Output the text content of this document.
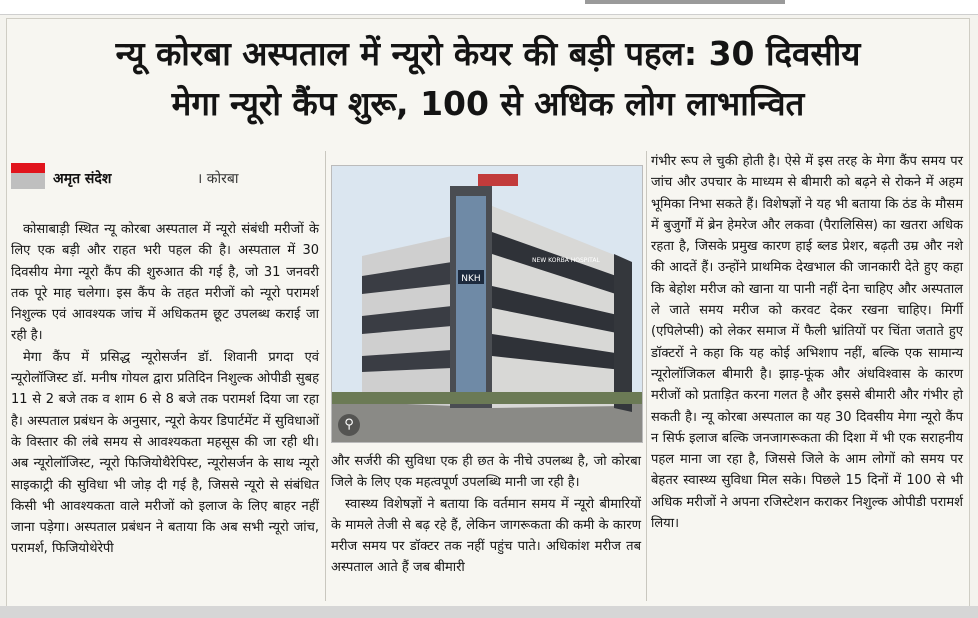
न्यू कोरबा अस्पताल में न्यूरो केयर की बड़ी पहल: 30 दिवसीय
मेगा न्यूरो कैंप शुरू, 100 से अधिक लोग लाभान्वित
अमृत संदेश	। कोरबा

कोसाबाड़ी स्थित न्यू कोरबा अस्पताल में न्यूरो संबंधी मरीजों के लिए एक बड़ी और राहत भरी पहल की है। अस्पताल में 30 दिवसीय मेगा न्यूरो कैंप की शुरुआत की गई है, जो 31 जनवरी तक पूरे माह चलेगा। इस कैंप के तहत मरीजों को न्यूरो परामर्श निशुल्क एवं आवश्यक जांच में अधिकतम छूट उपलब्ध कराई जा रही है।

मेगा कैंप में प्रसिद्ध न्यूरोसर्जन डॉ. शिवानी प्रगदा एवं न्यूरोलॉजिस्ट डॉ. मनीष गोयल द्वारा प्रतिदिन निशुल्क ओपीडी सुबह 11 से 2 बजे तक व शाम 6 से 8 बजे तक परामर्श दिया जा रहा है। अस्पताल प्रबंधन के अनुसार, न्यूरो केयर डिपार्टमेंट में सुविधाओं के विस्तार की लंबे समय से आवश्यकता महसूस की जा रही थी। अब न्यूरोलॉजिस्ट, न्यूरो फिजियोथैरेपिस्ट, न्यूरोसर्जन के साथ न्यूरो साइकाट्री की सुविधा भी जोड़ दी गई है, जिससे न्यूरो से संबंधित किसी भी आवश्यकता वाले मरीजों को इलाज के लिए बाहर नहीं जाना पड़ेगा। अस्पताल प्रबंधन ने बताया कि अब सभी न्यूरो जांच, परामर्श, फिजियोथेरेपी

NKH
NEW KORBA HOSPITAL
⚲

और सर्जरी की सुविधा एक ही छत के नीचे उपलब्ध है, जो कोरबा जिले के लिए एक महत्वपूर्ण उपलब्धि मानी जा रही है।

स्वास्थ्य विशेषज्ञों ने बताया कि वर्तमान समय में न्यूरो बीमारियों के मामले तेजी से बढ़ रहे हैं, लेकिन जागरूकता की कमी के कारण मरीज समय पर डॉक्टर तक नहीं पहुंच पाते। अधिकांश मरीज तब अस्पताल आते हैं जब बीमारी

गंभीर रूप ले चुकी होती है। ऐसे में इस तरह के मेगा कैंप समय पर जांच और उपचार के माध्यम से बीमारी को बढ़ने से रोकने में अहम भूमिका निभा सकते हैं। विशेषज्ञों ने यह भी बताया कि ठंड के मौसम में बुजुर्गों में ब्रेन हेमरेज और लकवा (पैरालिसिस) का खतरा अधिक रहता है, जिसके प्रमुख कारण हाई ब्लड प्रेशर, बढ़ती उम्र और नशे की आदतें हैं। उन्होंने प्राथमिक देखभाल की जानकारी देते हुए कहा कि बेहोश मरीज को खाना या पानी नहीं देना चाहिए और अस्पताल ले जाते समय मरीज को करवट देकर रखना चाहिए। मिर्गी (एपिलेप्सी) को लेकर समाज में फैली भ्रांतियों पर चिंता जताते हुए डॉक्टरों ने कहा कि यह कोई अभिशाप नहीं, बल्कि एक सामान्य न्यूरोलॉजिकल बीमारी है। झाड़-फूंक और अंधविश्वास के कारण मरीजों को प्रताड़ित करना गलत है और इससे बीमारी और गंभीर हो सकती है। न्यू कोरबा अस्पताल का यह 30 दिवसीय मेगा न्यूरो कैंप न सिर्फ इलाज बल्कि जनजागरूकता की दिशा में भी एक सराहनीय पहल माना जा रहा है, जिससे जिले के आम लोगों को समय पर बेहतर स्वास्थ्य सुविधा मिल सके। पिछले 15 दिनों में 100 से भी अधिक मरीजों ने अपना रजिस्टेशन कराकर निशुल्क ओपीडी परामर्श लिया।
